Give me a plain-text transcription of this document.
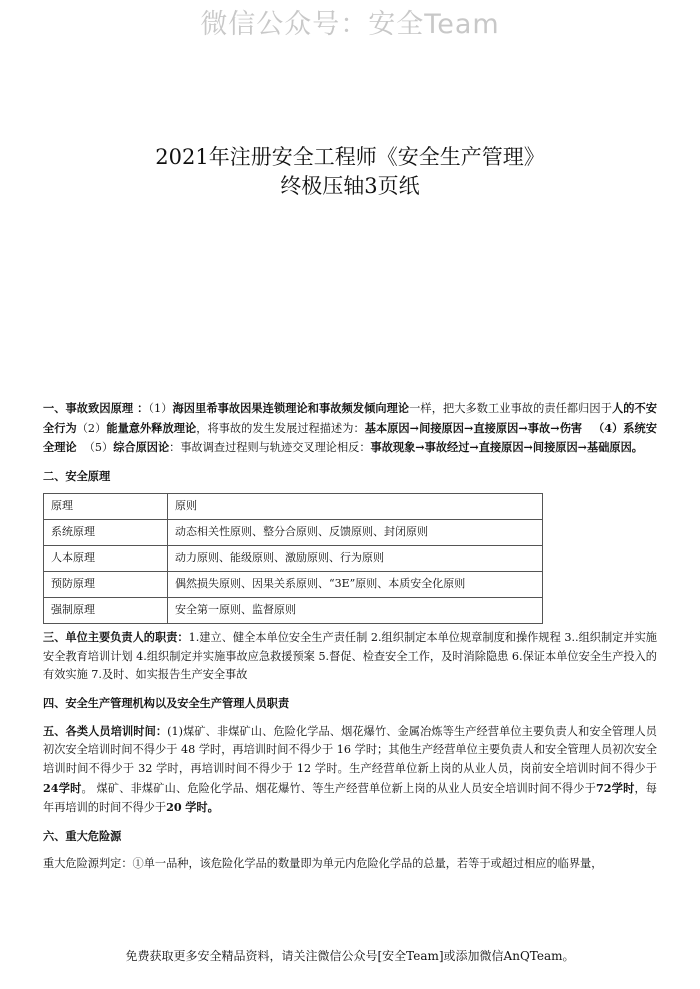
微信公众号：安全Team
2021年注册安全工程师《安全生产管理》
终极压轴3页纸

一、事故致因原理 ：（1）海因里希事故因果连锁理论和事故频发倾向理论一样，把大多数工业事故的责任都归因于人的不安全行为（2）能量意外释放理论，将事故的发生发展过程描述为：基本原因→间接原因→直接原因→事故→伤害 （4）系统安全理论 （5）综合原因论：事故调查过程则与轨迹交叉理论相反：事故现象→事故经过→直接原因→间接原因→基础原因。

二、安全原理

原理	原则
系统原理	动态相关性原则、整分合原则、反馈原则、封闭原则
人本原理	动力原则、能级原则、激励原则、行为原则
预防原理	偶然损失原则、因果关系原则、“3E”原则、本质安全化原则
强制原理	安全第一原则、监督原则

三、单位主要负责人的职责：1.建立、健全本单位安全生产责任制 2.组织制定本单位规章制度和操作规程 3..组织制定并实施安全教育培训计划 4.组织制定并实施事故应急救援预案 5.督促、检查安全工作，及时消除隐患 6.保证本单位安全生产投入的有效实施 7.及时、如实报告生产安全事故

四、安全生产管理机构以及安全生产管理人员职责

五、各类人员培训时间：(1)煤矿、非煤矿山、危险化学品、烟花爆竹、金属冶炼等生产经营单位主要负责人和安全管理人员初次安全培训时间不得少于 48 学时，再培训时间不得少于 16 学时；其他生产经营单位主要负责人和安全管理人员初次安全培训时间不得少于 32 学时，再培训时间不得少于 12 学时。生产经营单位新上岗的从业人员，岗前安全培训时间不得少于24学时。 煤矿、非煤矿山、危险化学品、烟花爆竹、等生产经营单位新上岗的从业人员安全培训时间不得少于72学时，每年再培训的时间不得少于20 学时。

六、重大危险源

重大危险源判定：①单一品种，该危险化学品的数量即为单元内危险化学品的总量，若等于或超过相应的临界量，

免费获取更多安全精品资料，请关注微信公众号[安全Team]或添加微信AnQTeam。
